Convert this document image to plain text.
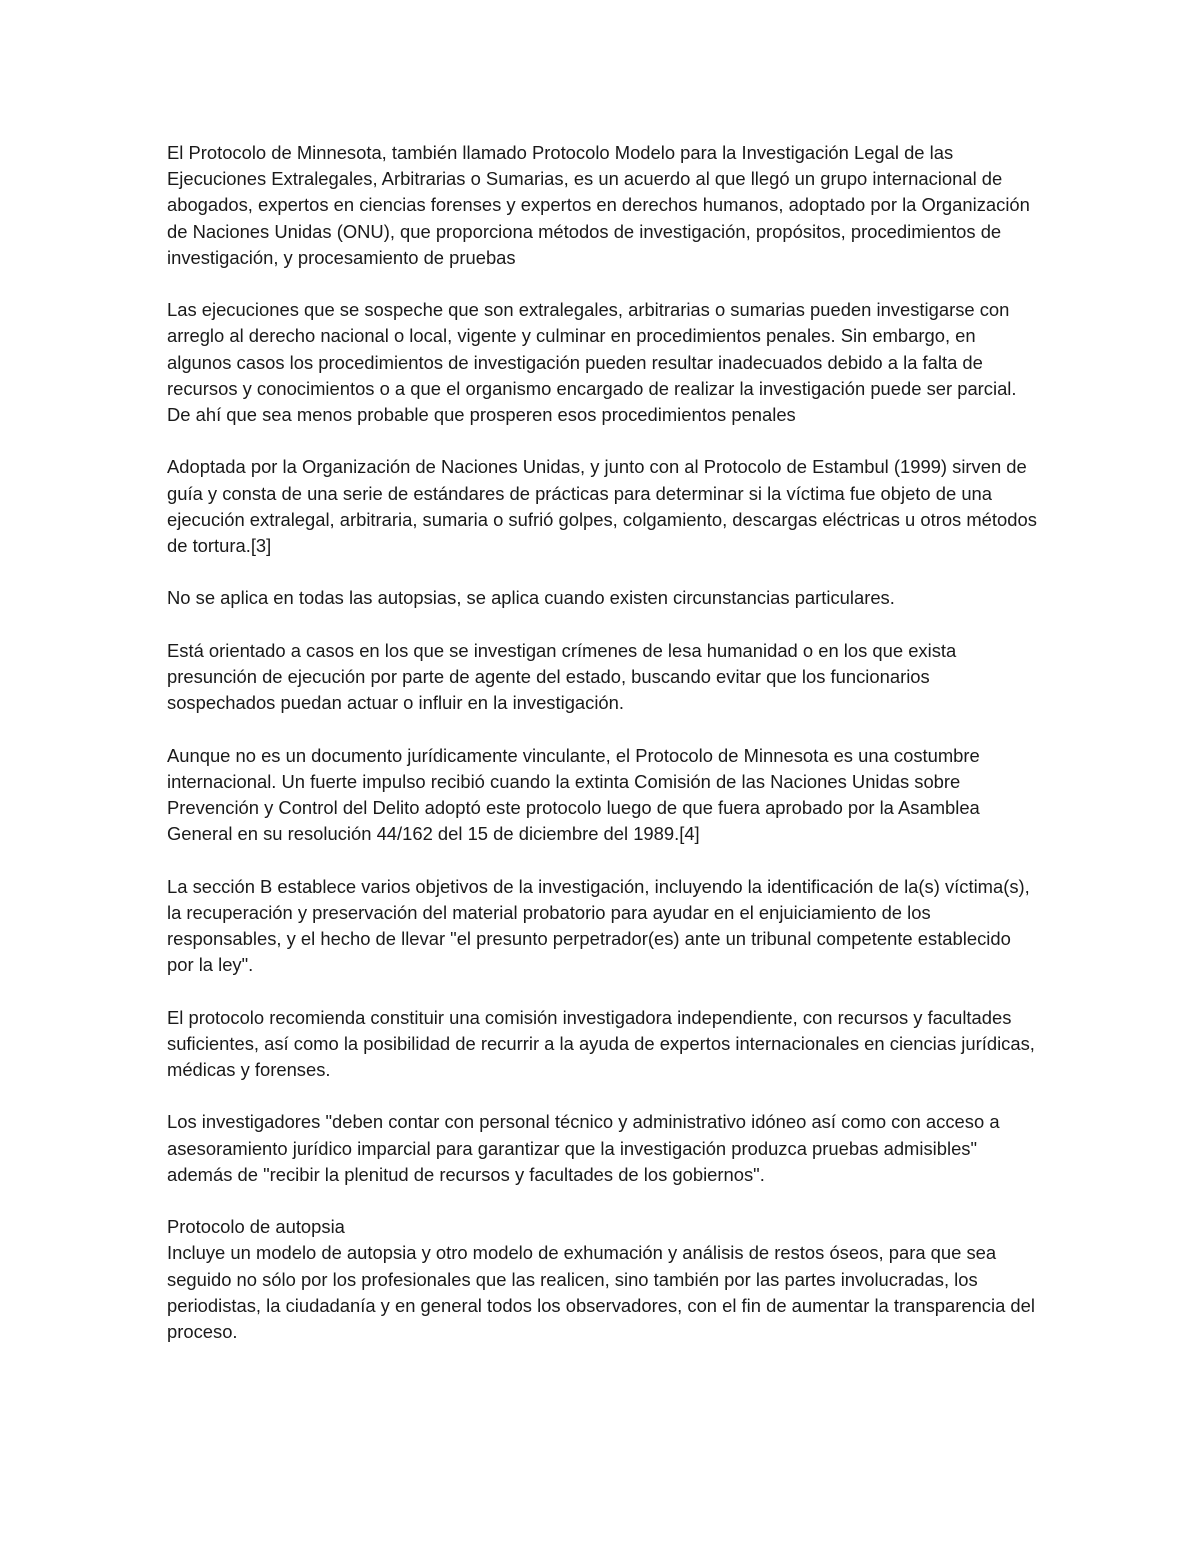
El Protocolo de Minnesota, también llamado Protocolo Modelo para la Investigación Legal de las Ejecuciones Extralegales, Arbitrarias o Sumarias, es un acuerdo al que llegó un grupo internacional de abogados, expertos en ciencias forenses y expertos en derechos humanos, adoptado por la Organización de Naciones Unidas (ONU), que proporciona métodos de investigación, propósitos, procedimientos de investigación, y procesamiento de pruebas

Las ejecuciones que se sospeche que son extralegales, arbitrarias o sumarias pueden investigarse con arreglo al derecho nacional o local, vigente y culminar en procedimientos penales. Sin embargo, en algunos casos los procedimientos de investigación pueden resultar inadecuados debido a la falta de recursos y conocimientos o a que el organismo encargado de realizar la investigación puede ser parcial. De ahí que sea menos probable que prosperen esos procedimientos penales

Adoptada por la Organización de Naciones Unidas, y junto con al Protocolo de Estambul (1999) sirven de guía y consta de una serie de estándares de prácticas para determinar si la víctima fue objeto de una ejecución extralegal, arbitraria, sumaria o sufrió golpes, colgamiento, descargas eléctricas u otros métodos de tortura.[3]

No se aplica en todas las autopsias, se aplica cuando existen circunstancias particulares.

Está orientado a casos en los que se investigan crímenes de lesa humanidad o en los que exista presunción de ejecución por parte de agente del estado, buscando evitar que los funcionarios sospechados puedan actuar o influir en la investigación.

Aunque no es un documento jurídicamente vinculante, el Protocolo de Minnesota es una costumbre internacional. Un fuerte impulso recibió cuando la extinta Comisión de las Naciones Unidas sobre Prevención y Control del Delito adoptó este protocolo luego de que fuera aprobado por la Asamblea General en su resolución 44/162 del 15 de diciembre del 1989.[4]

La sección B establece varios objetivos de la investigación, incluyendo la identificación de la(s) víctima(s), la recuperación y preservación del material probatorio para ayudar en el enjuiciamiento de los responsables, y el hecho de llevar "el presunto perpetrador(es) ante un tribunal competente establecido por la ley".

El protocolo recomienda constituir una comisión investigadora independiente, con recursos y facultades suficientes, así como la posibilidad de recurrir a la ayuda de expertos internacionales en ciencias jurídicas, médicas y forenses.

Los investigadores "deben contar con personal técnico y administrativo idóneo así como con acceso a asesoramiento jurídico imparcial para garantizar que la investigación produzca pruebas admisibles" además de "recibir la plenitud de recursos y facultades de los gobiernos".

Protocolo de autopsia

Incluye un modelo de autopsia y otro modelo de exhumación y análisis de restos óseos, para que sea seguido no sólo por los profesionales que las realicen, sino también por las partes involucradas, los periodistas, la ciudadanía y en general todos los observadores, con el fin de aumentar la transparencia del proceso.
